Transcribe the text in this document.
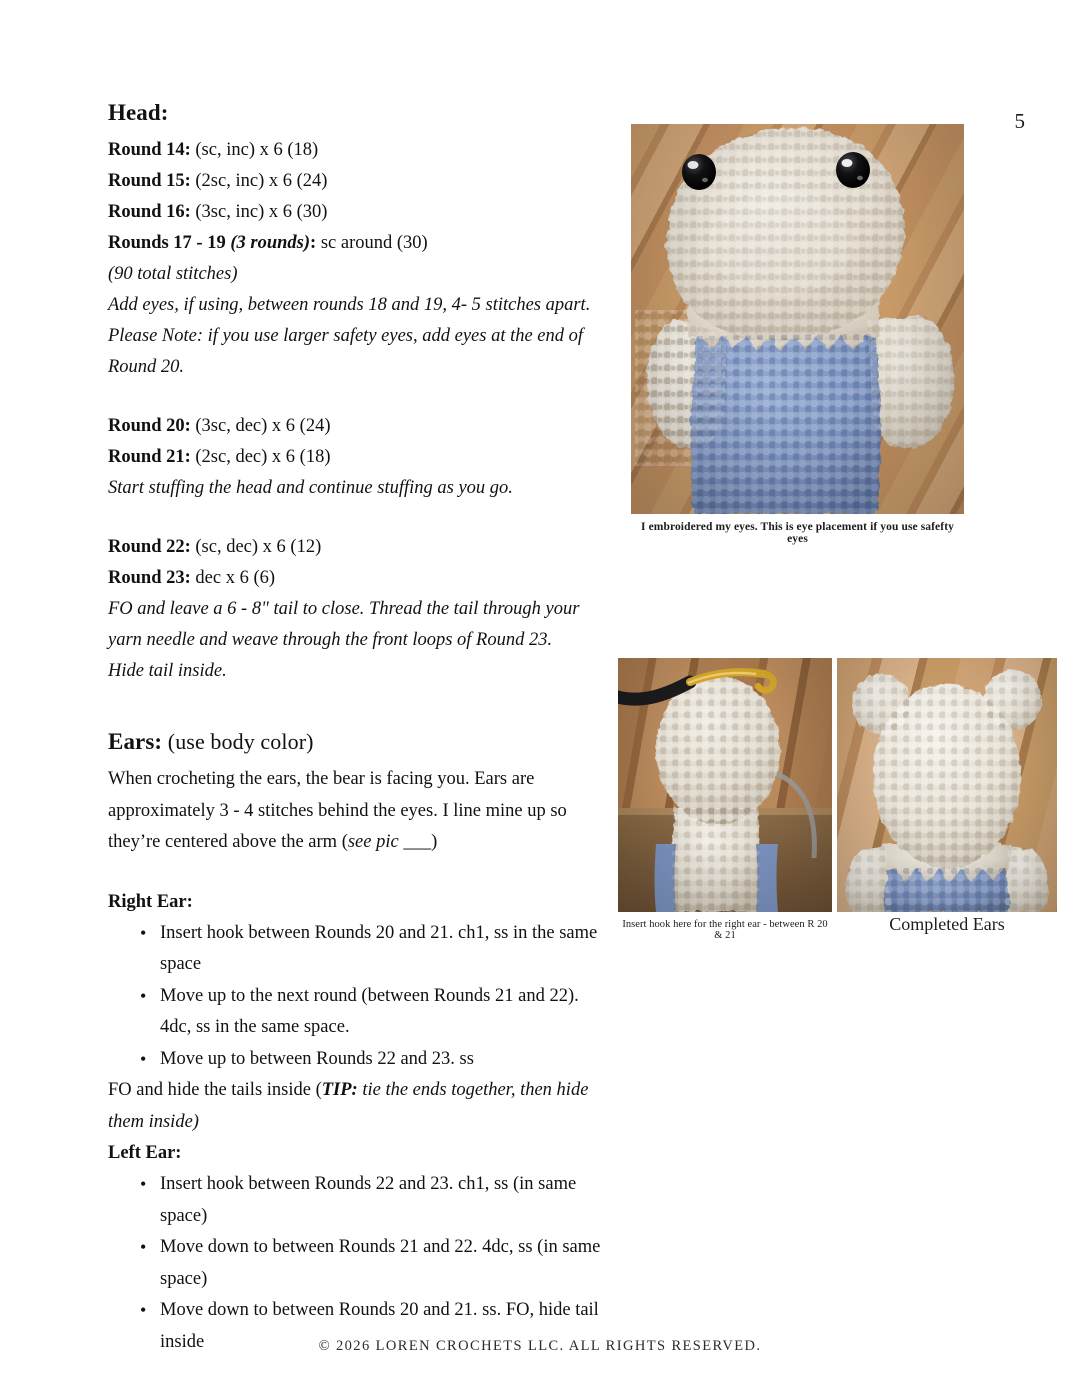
5
Head:

Round 14: (sc, inc) x 6 (18)

Round 15: (2sc, inc) x 6 (24)

Round 16: (3sc, inc) x 6 (30)

Rounds 17 - 19 (3 rounds): sc around (30)

(90 total stitches)

Add eyes, if using, between rounds 18 and 19, 4- 5 stitches apart.

Please Note: if you use larger safety eyes, add eyes at the end of

Round 20.

Round 20: (3sc, dec) x 6 (24)

Round 21: (2sc, dec) x 6 (18)

Start stuffing the head and continue stuffing as you go.

Round 22: (sc, dec) x 6 (12)

Round 23: dec x 6 (6)

FO and leave a 6 - 8" tail to close. Thread the tail through your

yarn needle and weave through the front loops of Round 23.

Hide tail inside.

Ears: (use body color)

When crocheting the ears, the bear is facing you. Ears are

approximately 3 - 4 stitches behind the eyes. I line mine up so

they’re centered above the arm (see pic ___)

Right Ear:

• Insert hook between Rounds 20 and 21. ch1, ss in the same space
• Move up to the next round (between Rounds 21 and 22). 4dc, ss in the same space.
• Move up to between Rounds 22 and 23. ss

FO and hide the tails inside (TIP: tie the ends together, then hide them inside)

Left Ear:

• Insert hook between Rounds 22 and 23. ch1, ss (in same space)
• Move down to between Rounds 21 and 22. 4dc, ss (in same space)
• Move down to between Rounds 20 and 21. ss. FO, hide tail inside
I embroidered my eyes. This is eye placement if you use safefty eyes
Insert hook here for the right ear - between R 20 & 21
Completed Ears
© 2026 LOREN CROCHETS LLC. ALL RIGHTS RESERVED.
